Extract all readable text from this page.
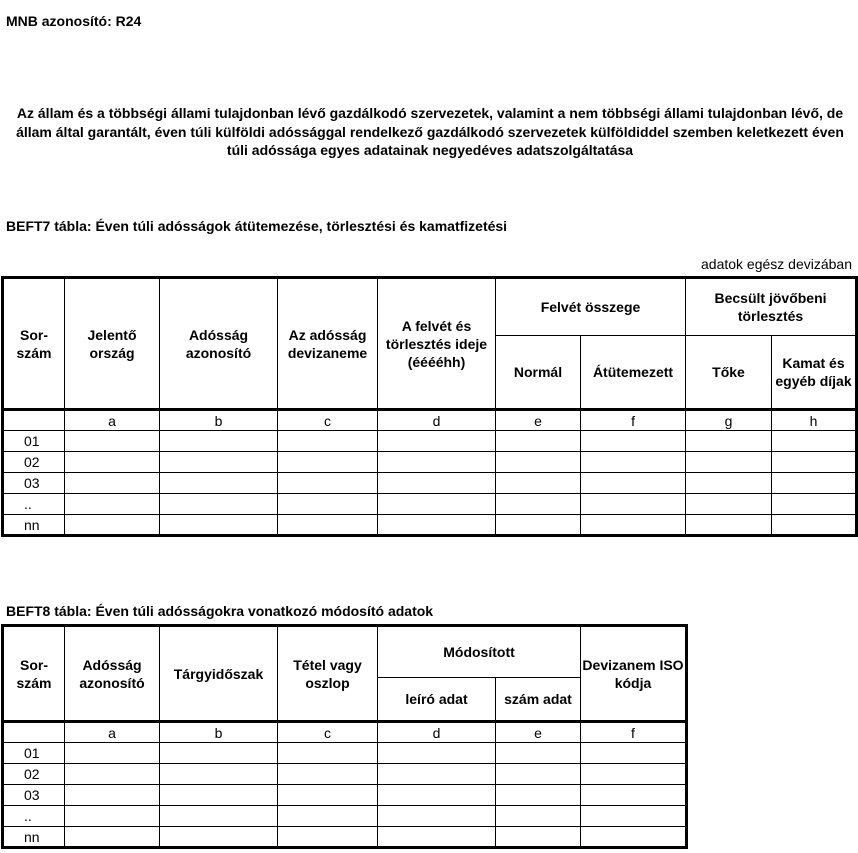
MNB azonosító: R24
Az állam és a többségi állami tulajdonban lévő gazdálkodó szervezetek, valamint a nem többségi állami tulajdonban lévő, de állam által garantált, éven túli külföldi adóssággal rendelkező gazdálkodó szervezetek külföldiddel szemben keletkezett éven túli adóssága egyes adatainak negyedéves adatszolgáltatása
BEFT7 tábla: Éven túli adósságok átütemezése, törlesztési és kamatfizetési
adatok egész devizában
Sor-szám	Jelentő ország	Adósság azonosító	Az adósság devizaneme	A felvét és törlesztés ideje (ééééhh)	Felvét összege		Becsült jövőbeni törlesztés	
					Normál	Átütemezett	Tőke	Kamat és egyéb díjak
	a	b	c	d	e	f	g	h
01								
02								
03								
..								
nn								
BEFT8 tábla: Éven túli adósságokra vonatkozó módosító adatok
Sor-szám	Adósság azonosító	Tárgyidőszak	Tétel vagy oszlop	Módosított		Devizanem ISO kódja
				leíró adat	szám adat	
	a	b	c	d	e	f
01						
02						
03						
..						
nn						
